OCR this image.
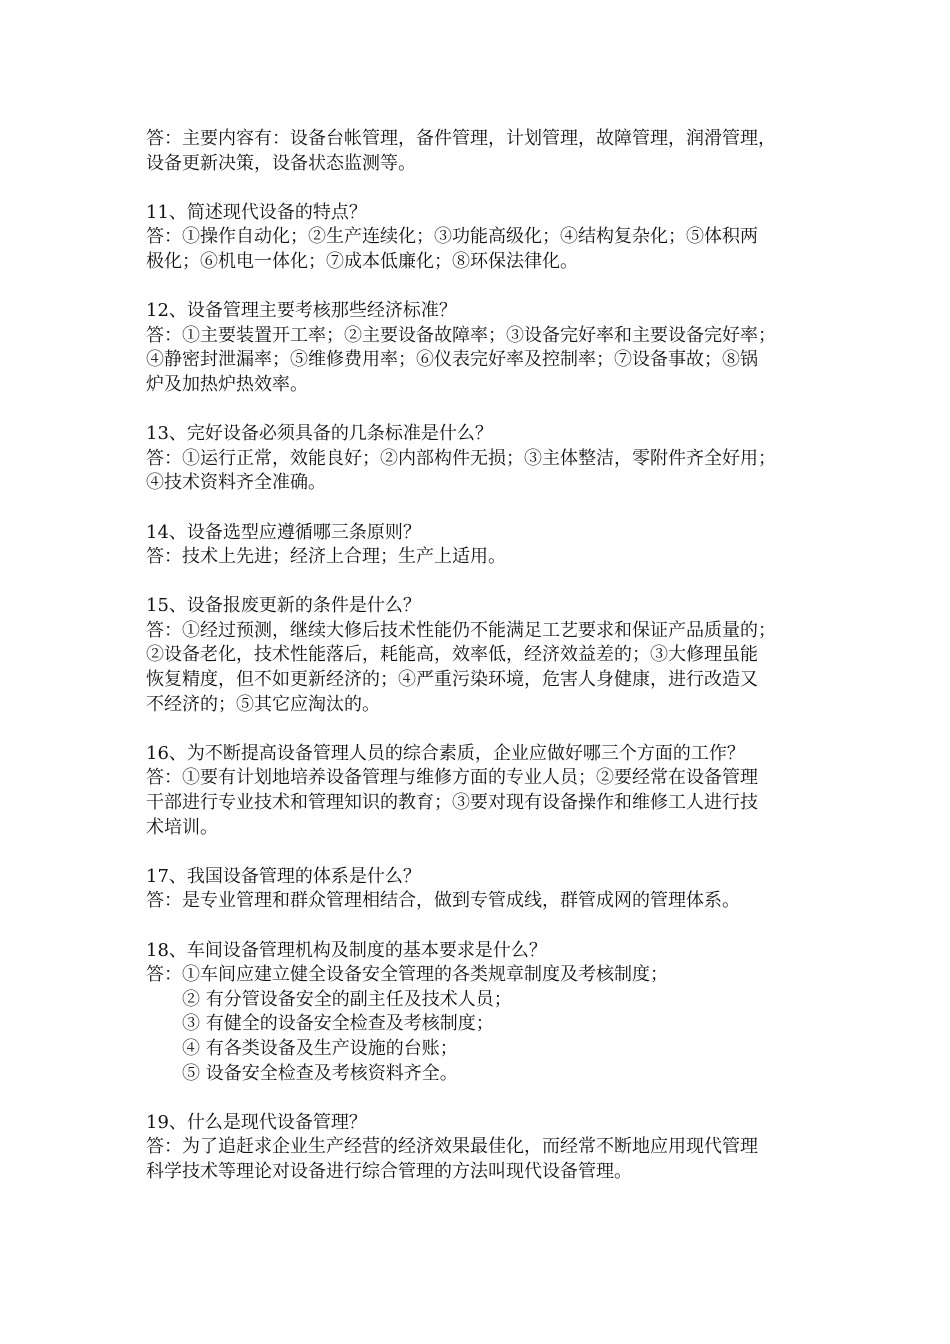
答：主要内容有：设备台帐管理，备件管理，计划管理，故障管理，润滑管理，
设备更新决策，设备状态监测等。
11、简述现代设备的特点？
答：①操作自动化；②生产连续化；③功能高级化；④结构复杂化；⑤体积两
极化；⑥机电一体化；⑦成本低廉化；⑧环保法律化。
12、设备管理主要考核那些经济标准？
答：①主要装置开工率；②主要设备故障率；③设备完好率和主要设备完好率；
④静密封泄漏率；⑤维修费用率；⑥仪表完好率及控制率；⑦设备事故；⑧锅
炉及加热炉热效率。
13、完好设备必须具备的几条标准是什么？
答：①运行正常，效能良好；②内部构件无损；③主体整洁，零附件齐全好用；
④技术资料齐全准确。
14、设备选型应遵循哪三条原则？
答：技术上先进；经济上合理；生产上适用。
15、设备报废更新的条件是什么？
答：①经过预测，继续大修后技术性能仍不能满足工艺要求和保证产品质量的；
②设备老化，技术性能落后，耗能高，效率低，经济效益差的；③大修理虽能
恢复精度，但不如更新经济的；④严重污染环境，危害人身健康，进行改造又
不经济的；⑤其它应淘汰的。
16、为不断提高设备管理人员的综合素质，企业应做好哪三个方面的工作？
答：①要有计划地培养设备管理与维修方面的专业人员；②要经常在设备管理
干部进行专业技术和管理知识的教育；③要对现有设备操作和维修工人进行技
术培训。
17、我国设备管理的体系是什么？
答：是专业管理和群众管理相结合，做到专管成线，群管成网的管理体系。
18、车间设备管理机构及制度的基本要求是什么？
答：①车间应建立健全设备安全管理的各类规章制度及考核制度；
② 有分管设备安全的副主任及技术人员；
③ 有健全的设备安全检查及考核制度；
④ 有各类设备及生产设施的台账；
⑤ 设备安全检查及考核资料齐全。
19、什么是现代设备管理？
答：为了追赶求企业生产经营的经济效果最佳化，而经常不断地应用现代管理
科学技术等理论对设备进行综合管理的方法叫现代设备管理。
